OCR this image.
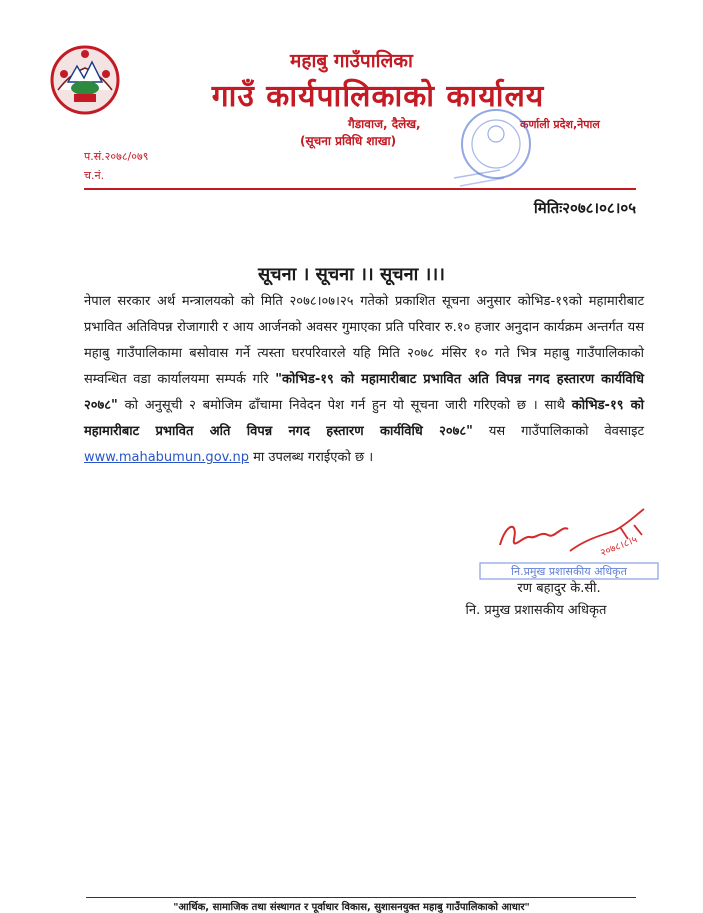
महाबु गाउँपालिका
गाउँ कार्यपालिकाको कार्यालय
गैडावाज, दैलेख,
(सूचना प्रविधि शाखा)
कर्णाली प्रदेश,नेपाल
प.सं.२०७८/०७९
च.नं.
मितिः२०७८।०८।०५
सूचना । सूचना ।। सूचना ।।।
नेपाल सरकार अर्थ मन्त्रालयको को मिति २०७८।०७।२५ गतेको प्रकाशित सूचना अनुसार कोभिड-१९को महामारीबाट प्रभावित अतिविपन्न रोजागारी र आय आर्जनको अवसर गुमाएका प्रति परिवार रु.१० हजार अनुदान कार्यक्रम अन्तर्गत यस महाबु गाउँपालिकामा बसोवास गर्ने त्यस्ता घरपरिवारले यहि मिति २०७८ मंसिर १० गते भित्र महाबु गाउँपालिकाको सम्वन्धित वडा कार्यालयमा सम्पर्क गरि "कोभिड-१९ को महामारीबाट प्रभावित अति विपन्न नगद हस्तारण कार्यविधि २०७८" को अनुसूची २ बमोजिम ढाँचामा निवेदन पेश गर्न हुन यो सूचना जारी गरिएको छ । साथै कोभिड-१९ को महामारीबाट प्रभावित अति विपन्न नगद हस्तारण कार्यविधि २०७८" यस गाउँपालिकाको वेवसाइट www.mahabumun.gov.np मा उपलब्ध गराईएको छ ।
नि.प्रमुख प्रशासकीय अधिकृत
२०७८।८।५
रण बहादुर के.सी.
नि. प्रमुख प्रशासकीय अधिकृत
"आर्थिक, सामाजिक तथा संस्थागत र पूर्वाधार विकास, सुशासनयुक्त महाबु गाउँपालिकाको आधार"
